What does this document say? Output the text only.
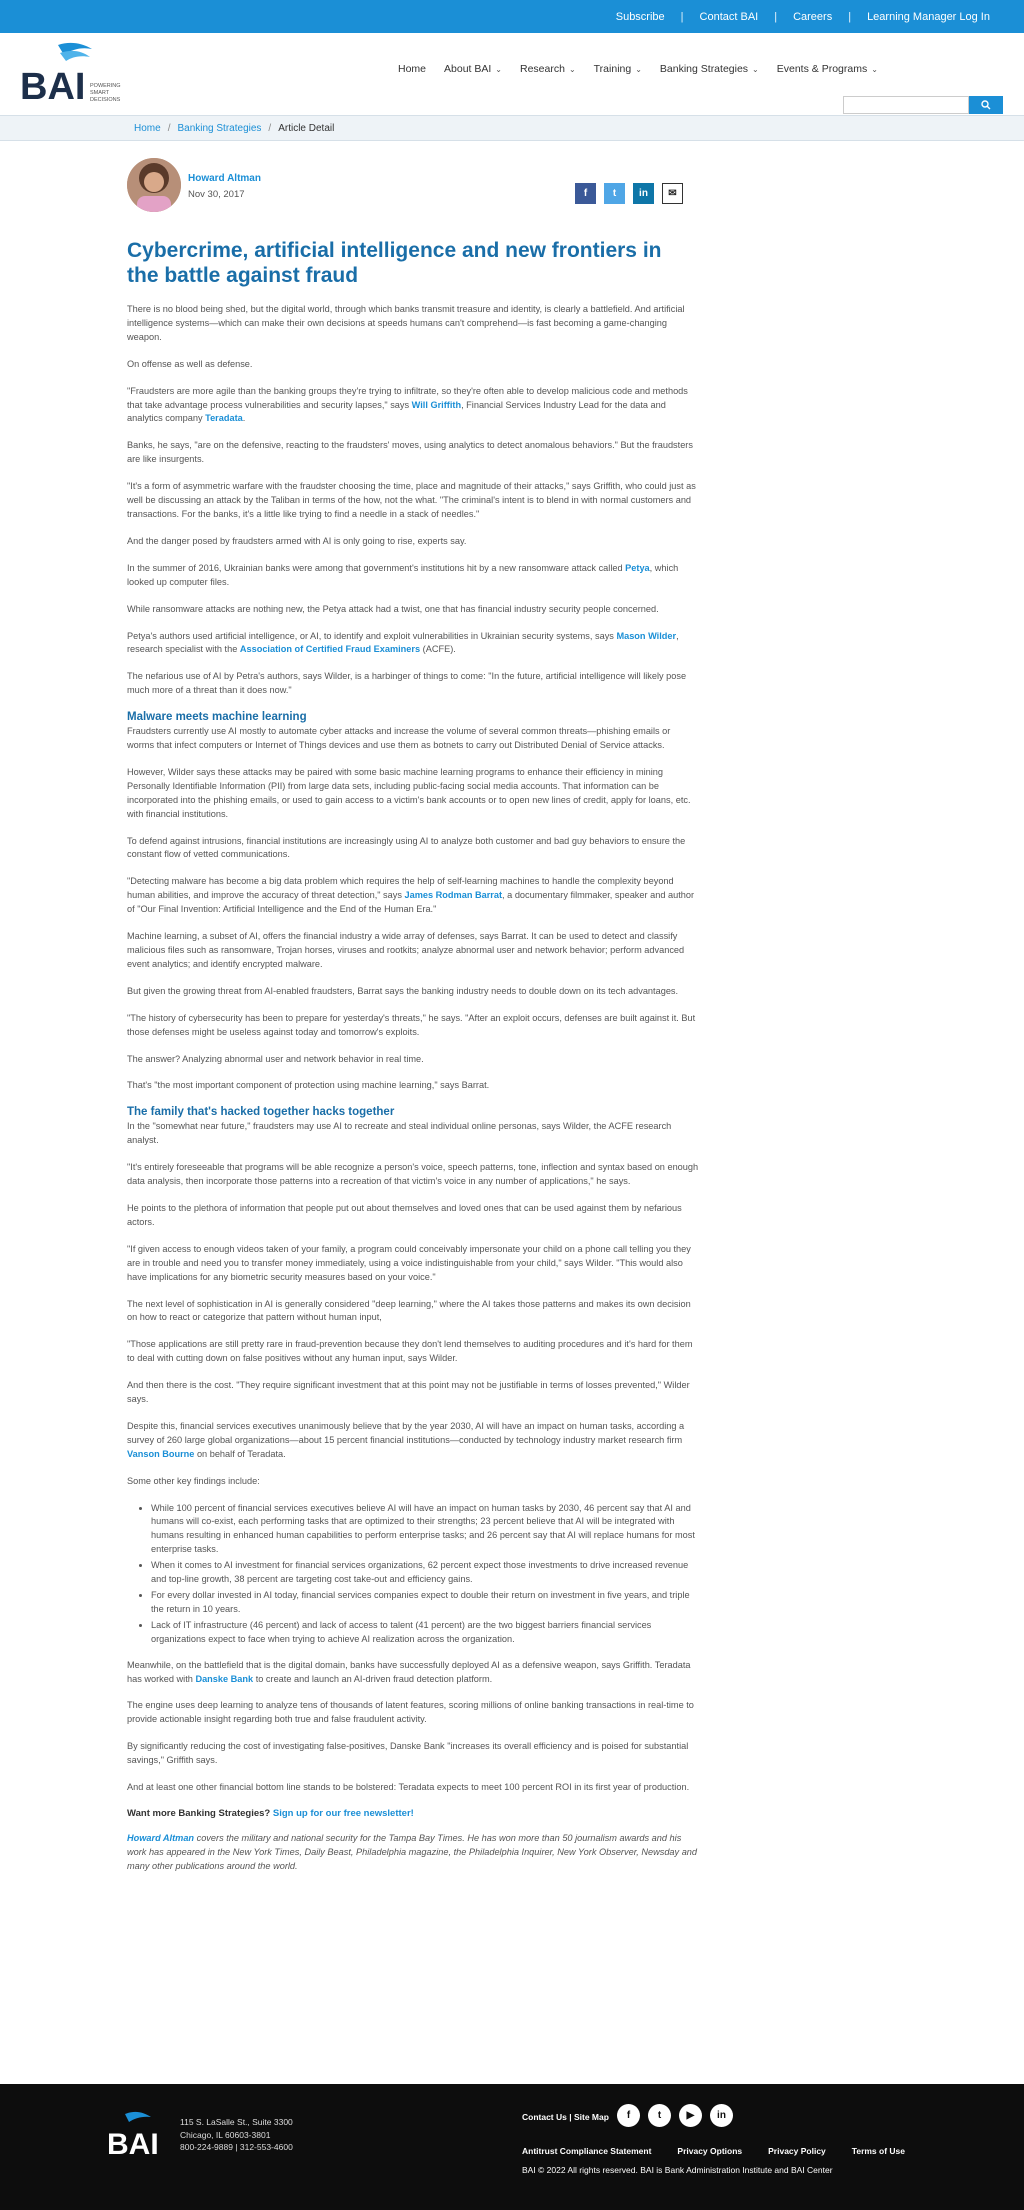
Subscribe | Contact BAI | Careers | Learning Manager Log In
BAI POWERING
SMART
DECISIONS
Home About BAI ⌄ Research ⌄ Training ⌄ Banking Strategies ⌄ Events & Programs ⌄
Home / Banking Strategies / Article Detail
Howard Altman
Nov 30, 2017	f	t	in	✉
Cybercrime, artificial intelligence and new frontiers in the battle against fraud

There is no blood being shed, but the digital world, through which banks transmit treasure and identity, is clearly a battlefield. And artificial intelligence systems—which can make their own decisions at speeds humans can't comprehend—is fast becoming a game-changing weapon.

On offense as well as defense.

"Fraudsters are more agile than the banking groups they're trying to infiltrate, so they're often able to develop malicious code and methods that take advantage process vulnerabilities and security lapses," says Will Griffith, Financial Services Industry Lead for the data and analytics company Teradata.

Banks, he says, "are on the defensive, reacting to the fraudsters' moves, using analytics to detect anomalous behaviors." But the fraudsters are like insurgents.

"It's a form of asymmetric warfare with the fraudster choosing the time, place and magnitude of their attacks," says Griffith, who could just as well be discussing an attack by the Taliban in terms of the how, not the what. "The criminal's intent is to blend in with normal customers and transactions. For the banks, it's a little like trying to find a needle in a stack of needles."

And the danger posed by fraudsters armed with AI is only going to rise, experts say.

In the summer of 2016, Ukrainian banks were among that government's institutions hit by a new ransomware attack called Petya, which looked up computer files.

While ransomware attacks are nothing new, the Petya attack had a twist, one that has financial industry security people concerned.

Petya's authors used artificial intelligence, or AI, to identify and exploit vulnerabilities in Ukrainian security systems, says Mason Wilder, research specialist with the Association of Certified Fraud Examiners (ACFE).

The nefarious use of AI by Petra's authors, says Wilder, is a harbinger of things to come: "In the future, artificial intelligence will likely pose much more of a threat than it does now."

Malware meets machine learning

Fraudsters currently use AI mostly to automate cyber attacks and increase the volume of several common threats—phishing emails or worms that infect computers or Internet of Things devices and use them as botnets to carry out Distributed Denial of Service attacks.

However, Wilder says these attacks may be paired with some basic machine learning programs to enhance their efficiency in mining Personally Identifiable Information (PII) from large data sets, including public-facing social media accounts. That information can be incorporated into the phishing emails, or used to gain access to a victim's bank accounts or to open new lines of credit, apply for loans, etc. with financial institutions.

To defend against intrusions, financial institutions are increasingly using AI to analyze both customer and bad guy behaviors to ensure the constant flow of vetted communications.

"Detecting malware has become a big data problem which requires the help of self-learning machines to handle the complexity beyond human abilities, and improve the accuracy of threat detection," says James Rodman Barrat, a documentary filmmaker, speaker and author of "Our Final Invention: Artificial Intelligence and the End of the Human Era."

Machine learning, a subset of AI, offers the financial industry a wide array of defenses, says Barrat. It can be used to detect and classify malicious files such as ransomware, Trojan horses, viruses and rootkits; analyze abnormal user and network behavior; perform advanced event analytics; and identify encrypted malware.

But given the growing threat from AI-enabled fraudsters, Barrat says the banking industry needs to double down on its tech advantages.

"The history of cybersecurity has been to prepare for yesterday's threats," he says. "After an exploit occurs, defenses are built against it. But those defenses might be useless against today and tomorrow's exploits.

The answer? Analyzing abnormal user and network behavior in real time.

That's "the most important component of protection using machine learning," says Barrat.

The family that's hacked together hacks together

In the "somewhat near future," fraudsters may use AI to recreate and steal individual online personas, says Wilder, the ACFE research analyst.

"It's entirely foreseeable that programs will be able recognize a person's voice, speech patterns, tone, inflection and syntax based on enough data analysis, then incorporate those patterns into a recreation of that victim's voice in any number of applications," he says.

He points to the plethora of information that people put out about themselves and loved ones that can be used against them by nefarious actors.

"If given access to enough videos taken of your family, a program could conceivably impersonate your child on a phone call telling you they are in trouble and need you to transfer money immediately, using a voice indistinguishable from your child," says Wilder. "This would also have implications for any biometric security measures based on your voice."

The next level of sophistication in AI is generally considered "deep learning," where the AI takes those patterns and makes its own decision on how to react or categorize that pattern without human input,

"Those applications are still pretty rare in fraud-prevention because they don't lend themselves to auditing procedures and it's hard for them to deal with cutting down on false positives without any human input, says Wilder.

And then there is the cost. "They require significant investment that at this point may not be justifiable in terms of losses prevented," Wilder says.

Despite this, financial services executives unanimously believe that by the year 2030, AI will have an impact on human tasks, according a survey of 260 large global organizations—about 15 percent financial institutions—conducted by technology industry market research firm Vanson Bourne on behalf of Teradata.

Some other key findings include:

• While 100 percent of financial services executives believe AI will have an impact on human tasks by 2030, 46 percent say that AI and humans will co-exist, each performing tasks that are optimized to their strengths; 23 percent believe that AI will be integrated with humans resulting in enhanced human capabilities to perform enterprise tasks; and 26 percent say that AI will replace humans for most enterprise tasks.
• When it comes to AI investment for financial services organizations, 62 percent expect those investments to drive increased revenue and top-line growth, 38 percent are targeting cost take-out and efficiency gains.
• For every dollar invested in AI today, financial services companies expect to double their return on investment in five years, and triple the return in 10 years.
• Lack of IT infrastructure (46 percent) and lack of access to talent (41 percent) are the two biggest barriers financial services organizations expect to face when trying to achieve AI realization across the organization.

Meanwhile, on the battlefield that is the digital domain, banks have successfully deployed AI as a defensive weapon, says Griffith. Teradata has worked with Danske Bank to create and launch an AI-driven fraud detection platform.

The engine uses deep learning to analyze tens of thousands of latent features, scoring millions of online banking transactions in real-time to provide actionable insight regarding both true and false fraudulent activity.

By significantly reducing the cost of investigating false-positives, Danske Bank "increases its overall efficiency and is poised for substantial savings," Griffith says.

And at least one other financial bottom line stands to be bolstered: Teradata expects to meet 100 percent ROI in its first year of production.

Want more Banking Strategies? Sign up for our free newsletter!
Howard Altman covers the military and national security for the Tampa Bay Times. He has won more than 50 journalism awards and his work has appeared in the New York Times, Daily Beast, Philadelphia magazine, the Philadelphia Inquirer, New York Observer, Newsday and many other publications around the world.
BAI
115 S. LaSalle St., Suite 3300
Chicago, IL 60603-3801
800-224-9889 | 312-553-4600
Contact Us | Site Map	f	t	▶	in
Antitrust Compliance Statement	Privacy Options	Privacy Policy	Terms of Use
BAI © 2022 All rights reserved. BAI is Bank Administration Institute and BAI Center
